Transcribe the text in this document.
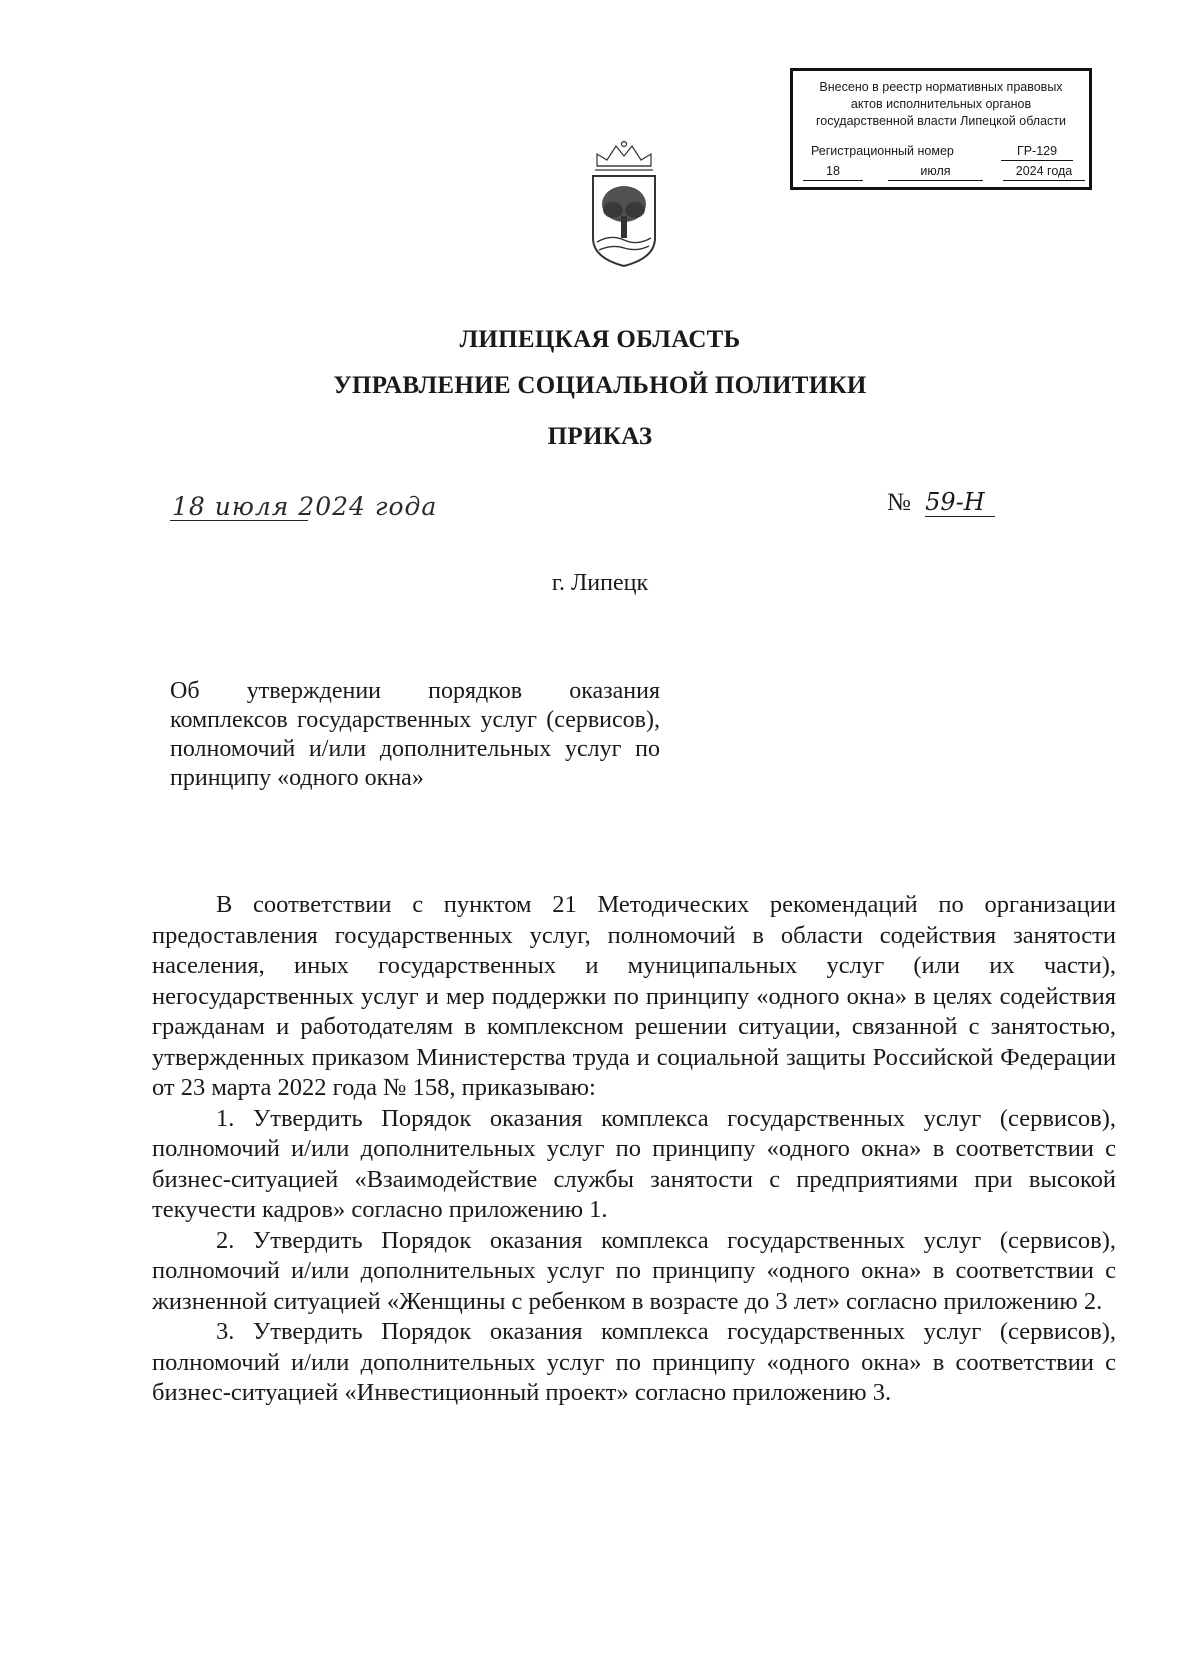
Внесено в реестр нормативных правовых
актов исполнительных органов
государственной власти Липецкой области
Регистрационный номер	ГР-129
18	июля	2024 года
ЛИПЕЦКАЯ ОБЛАСТЬ
УПРАВЛЕНИЕ СОЦИАЛЬНОЙ ПОЛИТИКИ
ПРИКАЗ
18 июля 2024 года	№ 59-Н
г. Липецк
Об утверждении порядков оказания комплексов государственных услуг (сервисов), полномочий и/или дополнительных услуг по принципу «одного окна»

В соответствии с пунктом 21 Методических рекомендаций по организации предоставления государственных услуг, полномочий в области содействия занятости населения, иных государственных и муниципальных услуг (или их части), негосударственных услуг и мер поддержки по принципу «одного окна» в целях содействия гражданам и работодателям в комплексном решении ситуации, связанной с занятостью, утвержденных приказом Министерства труда и социальной защиты Российской Федерации от 23 марта 2022 года № 158, приказываю:

1. Утвердить Порядок оказания комплекса государственных услуг (сервисов), полномочий и/или дополнительных услуг по принципу «одного окна» в соответствии с бизнес-ситуацией «Взаимодействие службы занятости с предприятиями при высокой текучести кадров» согласно приложению 1.

2. Утвердить Порядок оказания комплекса государственных услуг (сервисов), полномочий и/или дополнительных услуг по принципу «одного окна» в соответствии с жизненной ситуацией «Женщины с ребенком в возрасте до 3 лет» согласно приложению 2.

3. Утвердить Порядок оказания комплекса государственных услуг (сервисов), полномочий и/или дополнительных услуг по принципу «одного окна» в соответствии с бизнес-ситуацией «Инвестиционный проект» согласно приложению 3.
